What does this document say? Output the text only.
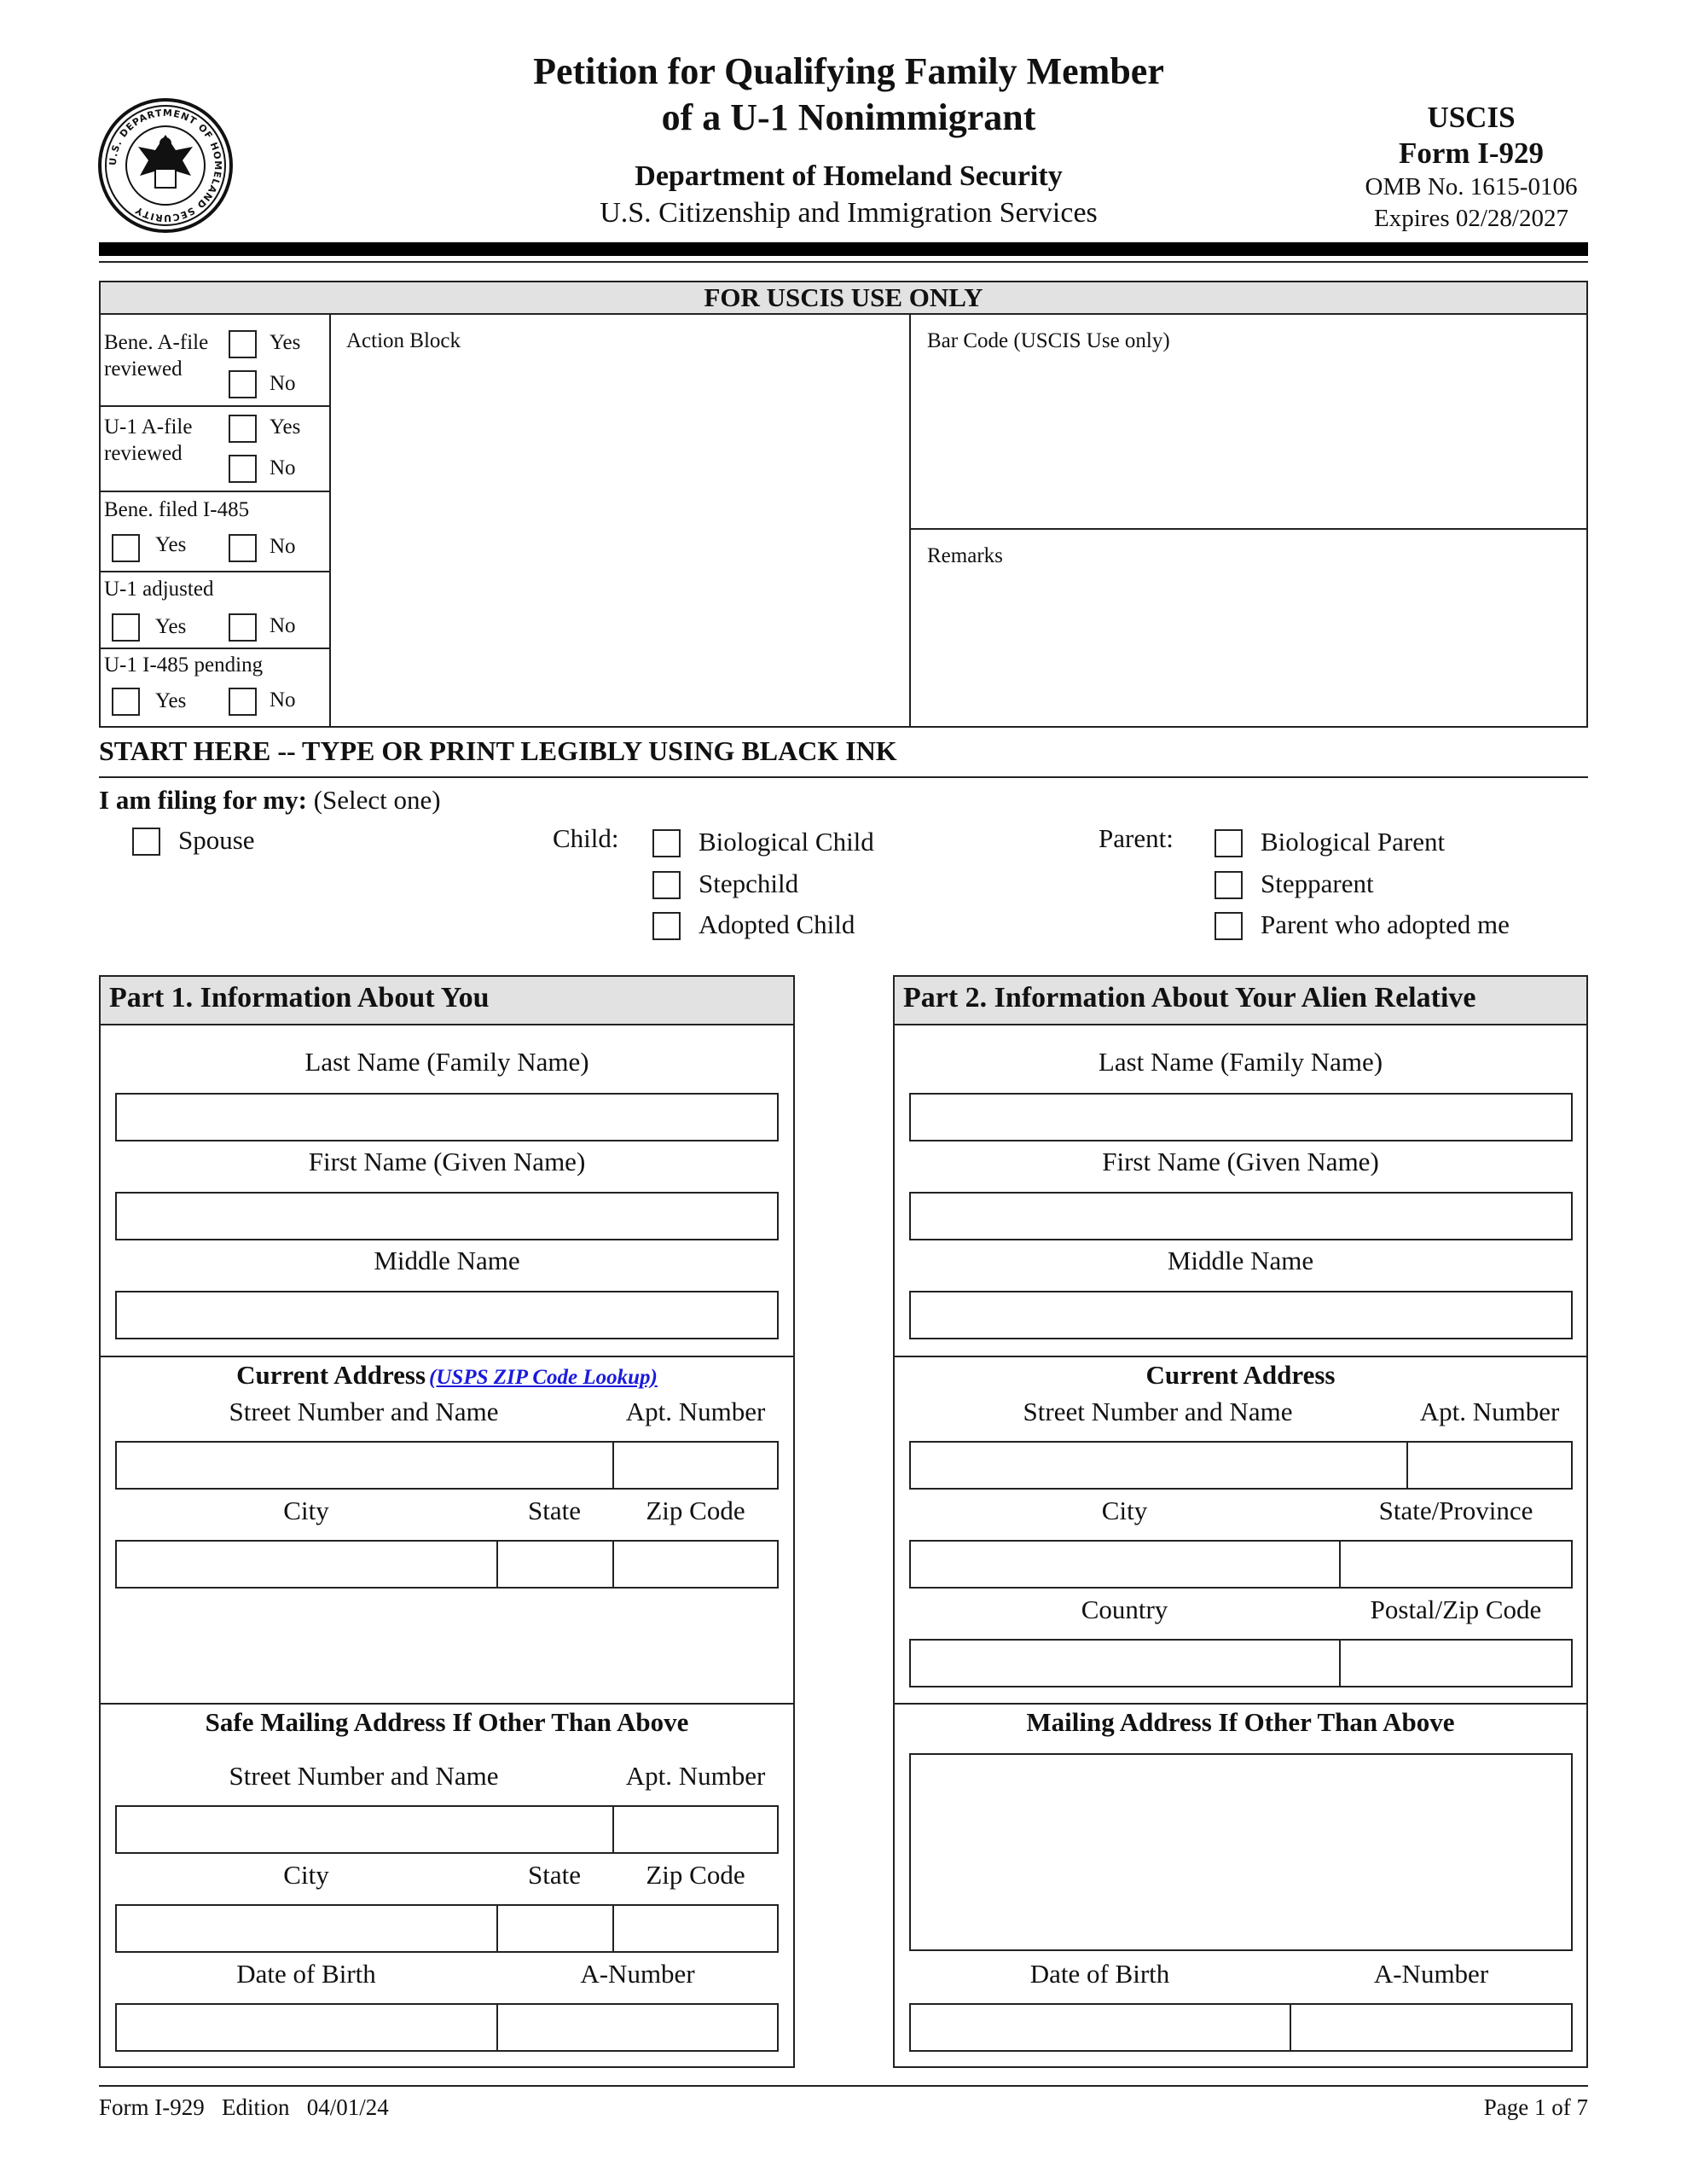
U.S. DEPARTMENT OF HOMELAND SECURITY
Petition for Qualifying Family Member
of a U-1 Nonimmigrant
Department of Homeland Security
U.S. Citizenship and Immigration Services
USCIS
Form I-929
OMB No. 1615-0106
Expires 02/28/2027
FOR USCIS USE ONLY
Bene. A-file
reviewed
Yes
No
U-1 A-file
reviewed
Yes
No
Bene. filed I-485
Yes	No
U-1 adjusted
Yes	No
U-1 I-485 pending
Yes	No
Action Block	Bar Code (USCIS Use only)
Remarks
START HERE -- TYPE OR PRINT LEGIBLY USING BLACK INK
I am filing for my: (Select one)
Spouse	Child:	Biological Child
Stepchild
Adopted Child
Parent:	Biological Parent
Stepparent
Parent who adopted me
Part 1. Information About You
Last Name (Family Name)
First Name (Given Name)
Middle Name
Current Address (USPS ZIP Code Lookup)
Street Number and Name	Apt. Number
City	State	Zip Code
Safe Mailing Address If Other Than Above
Street Number and Name	Apt. Number
City	State	Zip Code
Date of Birth	A-Number
Part 2. Information About Your Alien Relative
Last Name (Family Name)
First Name (Given Name)
Middle Name
Current Address
Street Number and Name	Apt. Number
City	State/Province
Country	Postal/Zip Code
Mailing Address If Other Than Above
Date of Birth	A-Number
Form I-929 Edition 04/01/24	Page 1 of 7
